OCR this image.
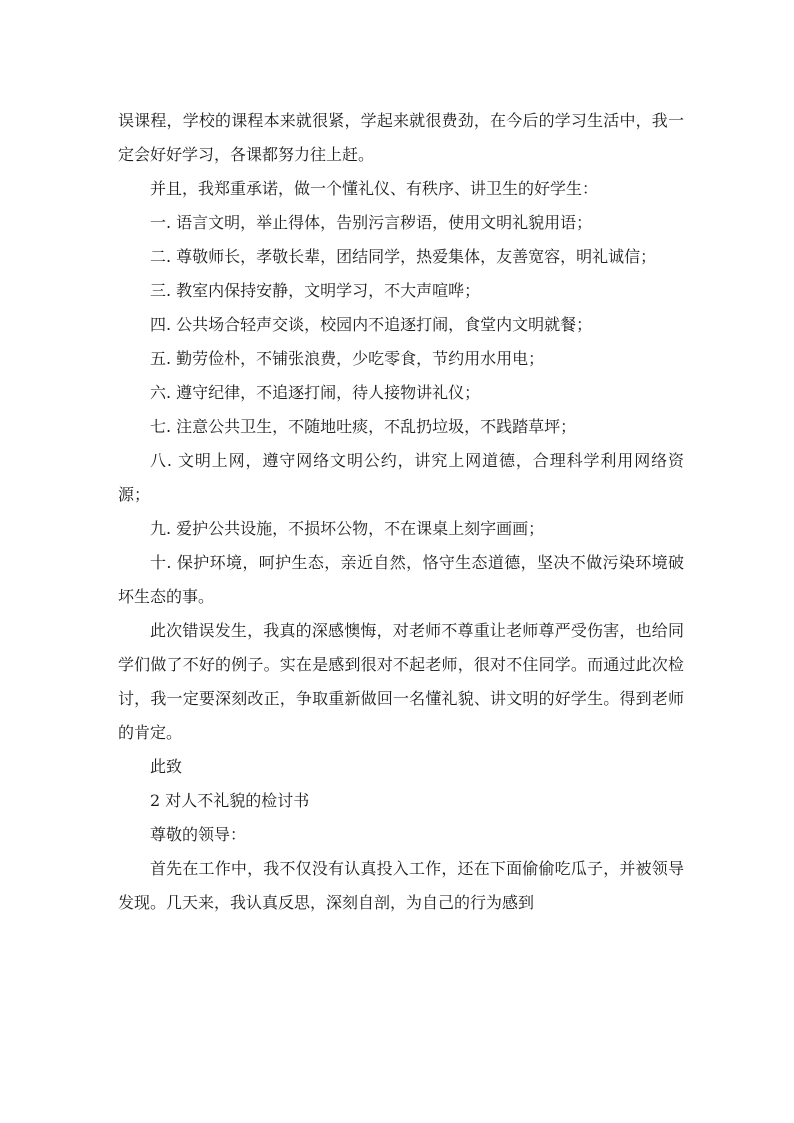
误课程，学校的课程本来就很紧，学起来就很费劲，在今后的学习生活中，我一定会好好学习，各课都努力往上赶。

并且，我郑重承诺，做一个懂礼仪、有秩序、讲卫生的好学生：

一. 语言文明，举止得体，告别污言秽语，使用文明礼貌用语；

二. 尊敬师长，孝敬长辈，团结同学，热爱集体，友善宽容，明礼诚信；

三. 教室内保持安静，文明学习，不大声喧哗；

四. 公共场合轻声交谈，校园内不追逐打闹，食堂内文明就餐；

五. 勤劳俭朴，不铺张浪费，少吃零食，节约用水用电；

六. 遵守纪律，不追逐打闹，待人接物讲礼仪；

七. 注意公共卫生，不随地吐痰，不乱扔垃圾，不践踏草坪；

八. 文明上网，遵守网络文明公约，讲究上网道德，合理科学利用网络资源；

九. 爱护公共设施，不损坏公物，不在课桌上刻字画画；

十. 保护环境，呵护生态，亲近自然，恪守生态道德，坚决不做污染环境破坏生态的事。

此次错误发生，我真的深感懊悔，对老师不尊重让老师尊严受伤害，也给同学们做了不好的例子。实在是感到很对不起老师，很对不住同学。而通过此次检讨，我一定要深刻改正，争取重新做回一名懂礼貌、讲文明的好学生。得到老师的肯定。

此致

2 对人不礼貌的检讨书

尊敬的领导：

首先在工作中，我不仅没有认真投入工作，还在下面偷偷吃瓜子，并被领导发现。几天来，我认真反思，深刻自剖，为自己的行为感到
